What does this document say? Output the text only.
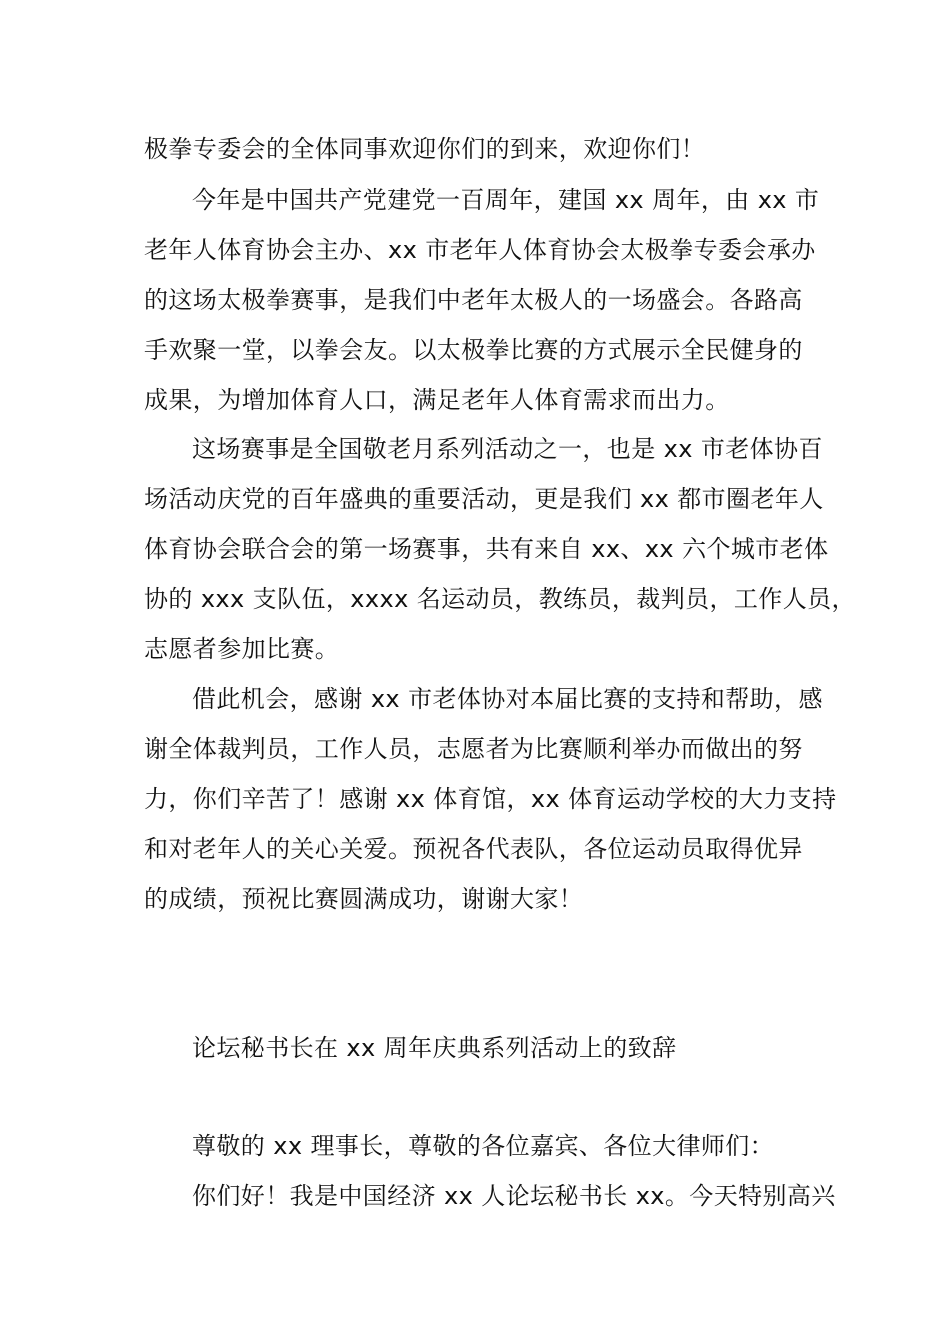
极拳专委会的全体同事欢迎你们的到来，欢迎你们！
今年是中国共产党建党一百周年，建国 xx 周年，由 xx 市
老年人体育协会主办、xx 市老年人体育协会太极拳专委会承办
的这场太极拳赛事，是我们中老年太极人的一场盛会。各路高
手欢聚一堂，以拳会友。以太极拳比赛的方式展示全民健身的
成果，为增加体育人口，满足老年人体育需求而出力。
这场赛事是全国敬老月系列活动之一，也是 xx 市老体协百
场活动庆党的百年盛典的重要活动，更是我们 xx 都市圈老年人
体育协会联合会的第一场赛事，共有来自 xx、xx 六个城市老体
协的 xxx 支队伍，xxxx 名运动员，教练员，裁判员，工作人员，
志愿者参加比赛。
借此机会，感谢 xx 市老体协对本届比赛的支持和帮助，感
谢全体裁判员，工作人员，志愿者为比赛顺利举办而做出的努
力，你们辛苦了！感谢 xx 体育馆，xx 体育运动学校的大力支持
和对老年人的关心关爱。预祝各代表队，各位运动员取得优异
的成绩，预祝比赛圆满成功，谢谢大家！
论坛秘书长在 xx 周年庆典系列活动上的致辞
尊敬的 xx 理事长，尊敬的各位嘉宾、各位大律师们：
你们好！我是中国经济 xx 人论坛秘书长 xx。今天特别高兴
